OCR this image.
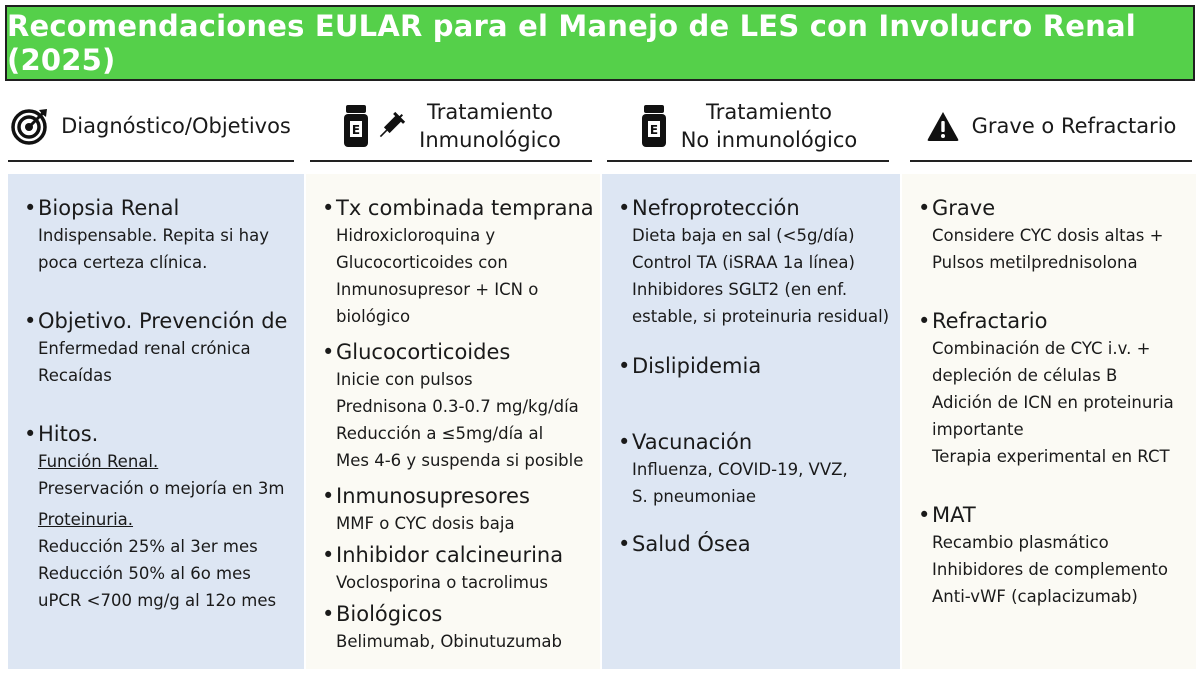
Recomendaciones EULAR para el Manejo de LES con Involucro Renal (2025)
Diagnóstico/Objetivos	E
Tratamiento
Inmunológico	E
Tratamiento
No inmunológico
Grave o Refractario
• Biopsia Renal
Indispensable. Repita si hay
poca certeza clínica.
• Objetivo. Prevención de
Enfermedad renal crónica
Recaídas
• Hitos.
Función Renal.
Preservación o mejoría en 3m
Proteinuria.
Reducción 25% al 3er mes
Reducción 50% al 6o mes
uPCR <700 mg/g al 12o mes
• Tx combinada temprana
Hidroxicloroquina y
Glucocorticoides con
Inmunosupresor + ICN o
biológico
• Glucocorticoides
Inicie con pulsos
Prednisona 0.3-0.7 mg/kg/día
Reducción a ≤5mg/día al
Mes 4-6 y suspenda si posible
• Inmunosupresores
MMF o CYC dosis baja
• Inhibidor calcineurina
Voclosporina o tacrolimus
• Biológicos
Belimumab, Obinutuzumab
• Nefroprotección
Dieta baja en sal (<5g/día)
Control TA (iSRAA 1a línea)
Inhibidores SGLT2 (en enf.
estable, si proteinuria residual)
• Dislipidemia
• Vacunación
Influenza, COVID-19, VVZ,
S. pneumoniae
• Salud Ósea
• Grave
Considere CYC dosis altas +
Pulsos metilprednisolona
• Refractario
Combinación de CYC i.v. +
depleción de células B
Adición de ICN en proteinuria
importante
Terapia experimental en RCT
• MAT
Recambio plasmático
Inhibidores de complemento
Anti-vWF (caplacizumab)
